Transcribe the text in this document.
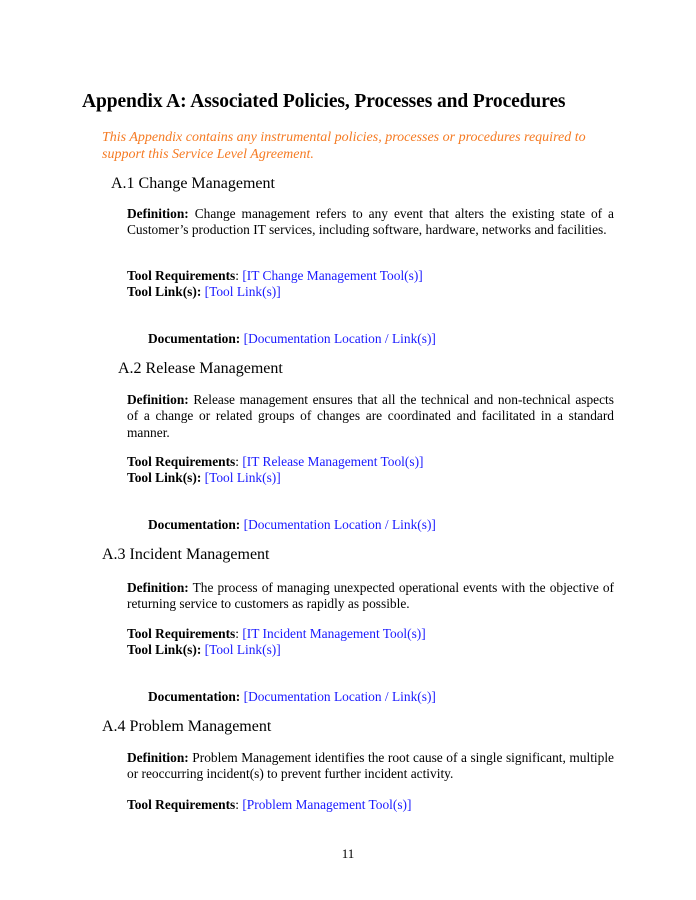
Appendix A: Associated Policies, Processes and Procedures
This Appendix contains any instrumental policies, processes or procedures required to support this Service Level Agreement.
A.1 Change Management
Definition: Change management refers to any event that alters the existing state of a Customer’s production IT services, including software, hardware, networks and facilities.
Tool Requirements: [IT Change Management Tool(s)]
Tool Link(s): [Tool Link(s)]
Documentation: [Documentation Location / Link(s)]
A.2 Release Management
Definition: Release management ensures that all the technical and non-technical aspects of a change or related groups of changes are coordinated and facilitated in a standard manner.
Tool Requirements: [IT Release Management Tool(s)]
Tool Link(s): [Tool Link(s)]
Documentation: [Documentation Location / Link(s)]
A.3 Incident Management
Definition: The process of managing unexpected operational events with the objective of returning service to customers as rapidly as possible.
Tool Requirements: [IT Incident Management Tool(s)]
Tool Link(s): [Tool Link(s)]
Documentation: [Documentation Location / Link(s)]
A.4 Problem Management
Definition: Problem Management identifies the root cause of a single significant, multiple or reoccurring incident(s) to prevent further incident activity.
Tool Requirements: [Problem Management Tool(s)]
11
